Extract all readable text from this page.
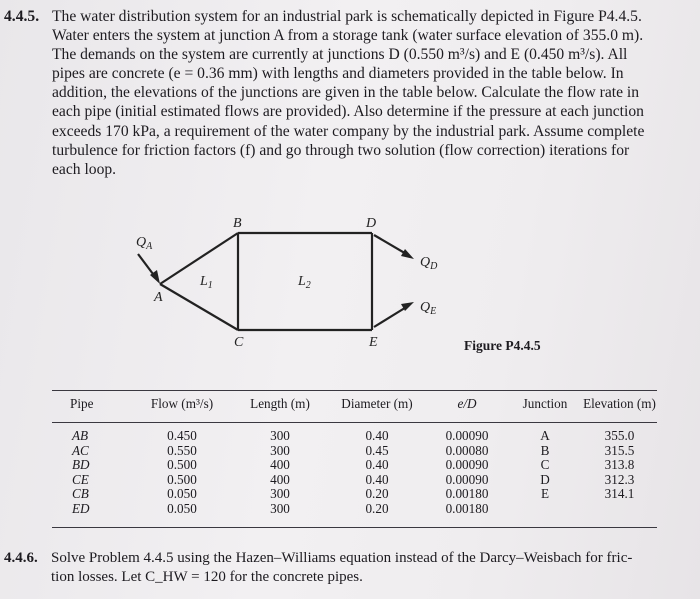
4.4.5. The water distribution system for an industrial park is schematically depicted in Figure P4.4.5.
Water enters the system at junction A from a storage tank (water surface elevation of 355.0 m).
The demands on the system are currently at junctions D (0.550 m³/s) and E (0.450 m³/s). All
pipes are concrete (e = 0.36 mm) with lengths and diameters provided in the table below. In
addition, the elevations of the junctions are given in the table below. Calculate the flow rate in
each pipe (initial estimated flows are provided). Also determine if the pressure at each junction
exceeds 170 kPa, a requirement of the water company by the industrial park. Assume complete
turbulence for friction factors (f) and go through two solution (flow correction) iterations for
each loop.
$Q_A$
$Q_D$
$Q_E$
A
B
C
D
E
$L_1$	$L_2$
Figure P4.4.5
Pipe	Flow (m³/s)	Length (m)	Diameter (m)	e/D	Junction	Elevation (m)
AB	0.450	300	0.40	0.00090	A	355.0
AC	0.550	300	0.45	0.00080	B	315.5
BD	0.500	400	0.40	0.00090	C	313.8
CE	0.500	400	0.40	0.00090	D	312.3
CB	0.050	300	0.20	0.00180	E	314.1
ED	0.050	300	0.20	0.00180		
4.4.6. Solve Problem 4.4.5 using the Hazen–Williams equation instead of the Darcy–Weisbach for fric-
tion losses. Let C_HW = 120 for the concrete pipes.
